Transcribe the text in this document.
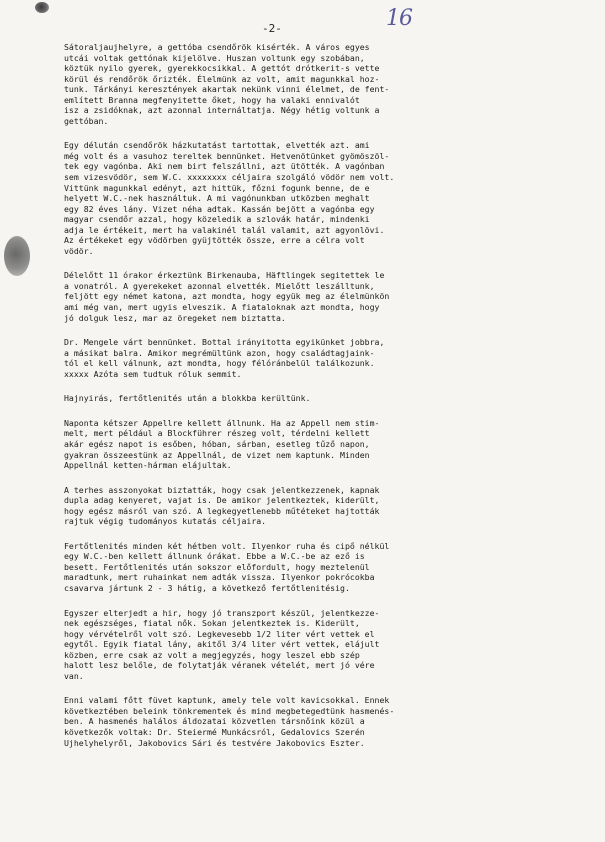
-2-	16
Sátoraljaujhelyre, a gettóba csendőrök kisérték. A város egyes
utcái voltak gettónak kijelölve. Huszan voltunk egy szobában,
köztük nyilo gyerek, gyerekkocsikkal. A gettót drótkerit-s vette
körül és rendőrök őrizték. Élelmünk az volt, amit magunkkal hoz-
tunk. Tárkányi keresztények akartak nekünk vinni élelmet, de fent-
említett Branna megfenyitette őket, hogy ha valaki ennivalót
isz a zsidóknak, azt azonnal internáltatja. Négy hétig voltunk a
gettóban.
Egy délután csendőrök házkutatást tartottak, elvették azt. ami
még volt és a vasuhoz tereltek bennünket. Hetvenötünket gyömöszöl-
tek egy vagónba. Aki nem birt felszállni, azt ütötték. A vagónban
sem vizesvödör, sem W.C. xxxxxxxx céljaira szolgáló vödör nem volt.
Vittünk magunkkal edényt, azt hittük, főzni fogunk benne, de e
helyett W.C.-nek használtuk. A mi vagónunkban utközben meghalt
egy 82 éves lány. Vizet néha adtak. Kassán bejött a vagónba egy
magyar csendőr azzal, hogy közeledik a szlovák határ, mindenki
adja le értékeit, mert ha valakinél talál valamit, azt agyonlövi.
Az értékeket egy vödörben gyüjtötték össze, erre a célra volt
vödör.
Délelőtt 11 órakor érkeztünk Birkenauba, Häftlingek segitettek le
a vonatról. A gyerekeket azonnal elvették. Mielőtt leszálltunk,
feljött egy német katona, azt mondta, hogy együk meg az élelmünkön
ami még van, mert ugyis elveszik. A fiataloknak azt mondta, hogy
jó dolguk lesz, mar az öregeket nem biztatta.
Dr. Mengele várt bennünket. Bottal irányitotta egyikünket jobbra,
a másikat balra. Amikor megrémültünk azon, hogy családtagjaink-
tól el kell válnunk, azt mondta, hogy félóránbelül találkozunk.
xxxxx Azóta sem tudtuk róluk semmit.
Hajnyirás, fertőtlenités után a blokkba kerültünk.
Naponta kétszer Appellre kellett állnunk. Ha az Appell nem stim-
melt, mert például a Blockführer részeg volt, térdelni kellett
akár egész napot is esőben, hóban, sárban, esetleg tűző napon,
gyakran összeestünk az Appellnál, de vizet nem kaptunk. Minden
Appellnál ketten-hárman elájultak.
A terhes asszonyokat biztatták, hogy csak jelentkezzenek, kapnak
dupla adag kenyeret, vajat is. De amikor jelentkeztek, kiderült,
hogy egész másról van szó. A legkegyetlenebb műtéteket hajtották
rajtuk végig tudományos kutatás céljaira.
Fertőtlenités minden két hétben volt. Ilyenkor ruha és cipő nélkül
egy W.C.-ben kellett állnunk órákat. Ebbe a W.C.-be az ező is
besett. Fertőtlenités után sokszor előfordult, hogy meztelenül
maradtunk, mert ruhainkat nem adták vissza. Ilyenkor pokrócokba
csavarva jártunk 2 - 3 hátig, a következő fertőtlenitésig.
Egyszer elterjedt a hir, hogy jó transzport készül, jelentkezze-
nek egészséges, fiatal nők. Sokan jelentkeztek is. Kiderült,
hogy vérvételről volt szó. Legkevesebb 1/2 liter vért vettek el
egytől. Egyik fiatal lány, akitől 3/4 liter vért vettek, elájult
közben, erre csak az volt a megjegyzés, hogy leszel ebb szép
halott lesz belőle, de folytatják véranek vételét, mert jó vére
van.
Enni valami főtt füvet kaptunk, amely tele volt kavicsokkal. Ennek
következtében beleink tönkrementek és mind megbetegedtünk hasmenés-
ben. A hasmenés halálos áldozatai közvetlen társnőink közül a
következők voltak: Dr. Steiermé Munkácsról, Gedalovics Szerén
Ujhelyhelyről, Jakobovics Sári és testvére Jakobovics Eszter.
